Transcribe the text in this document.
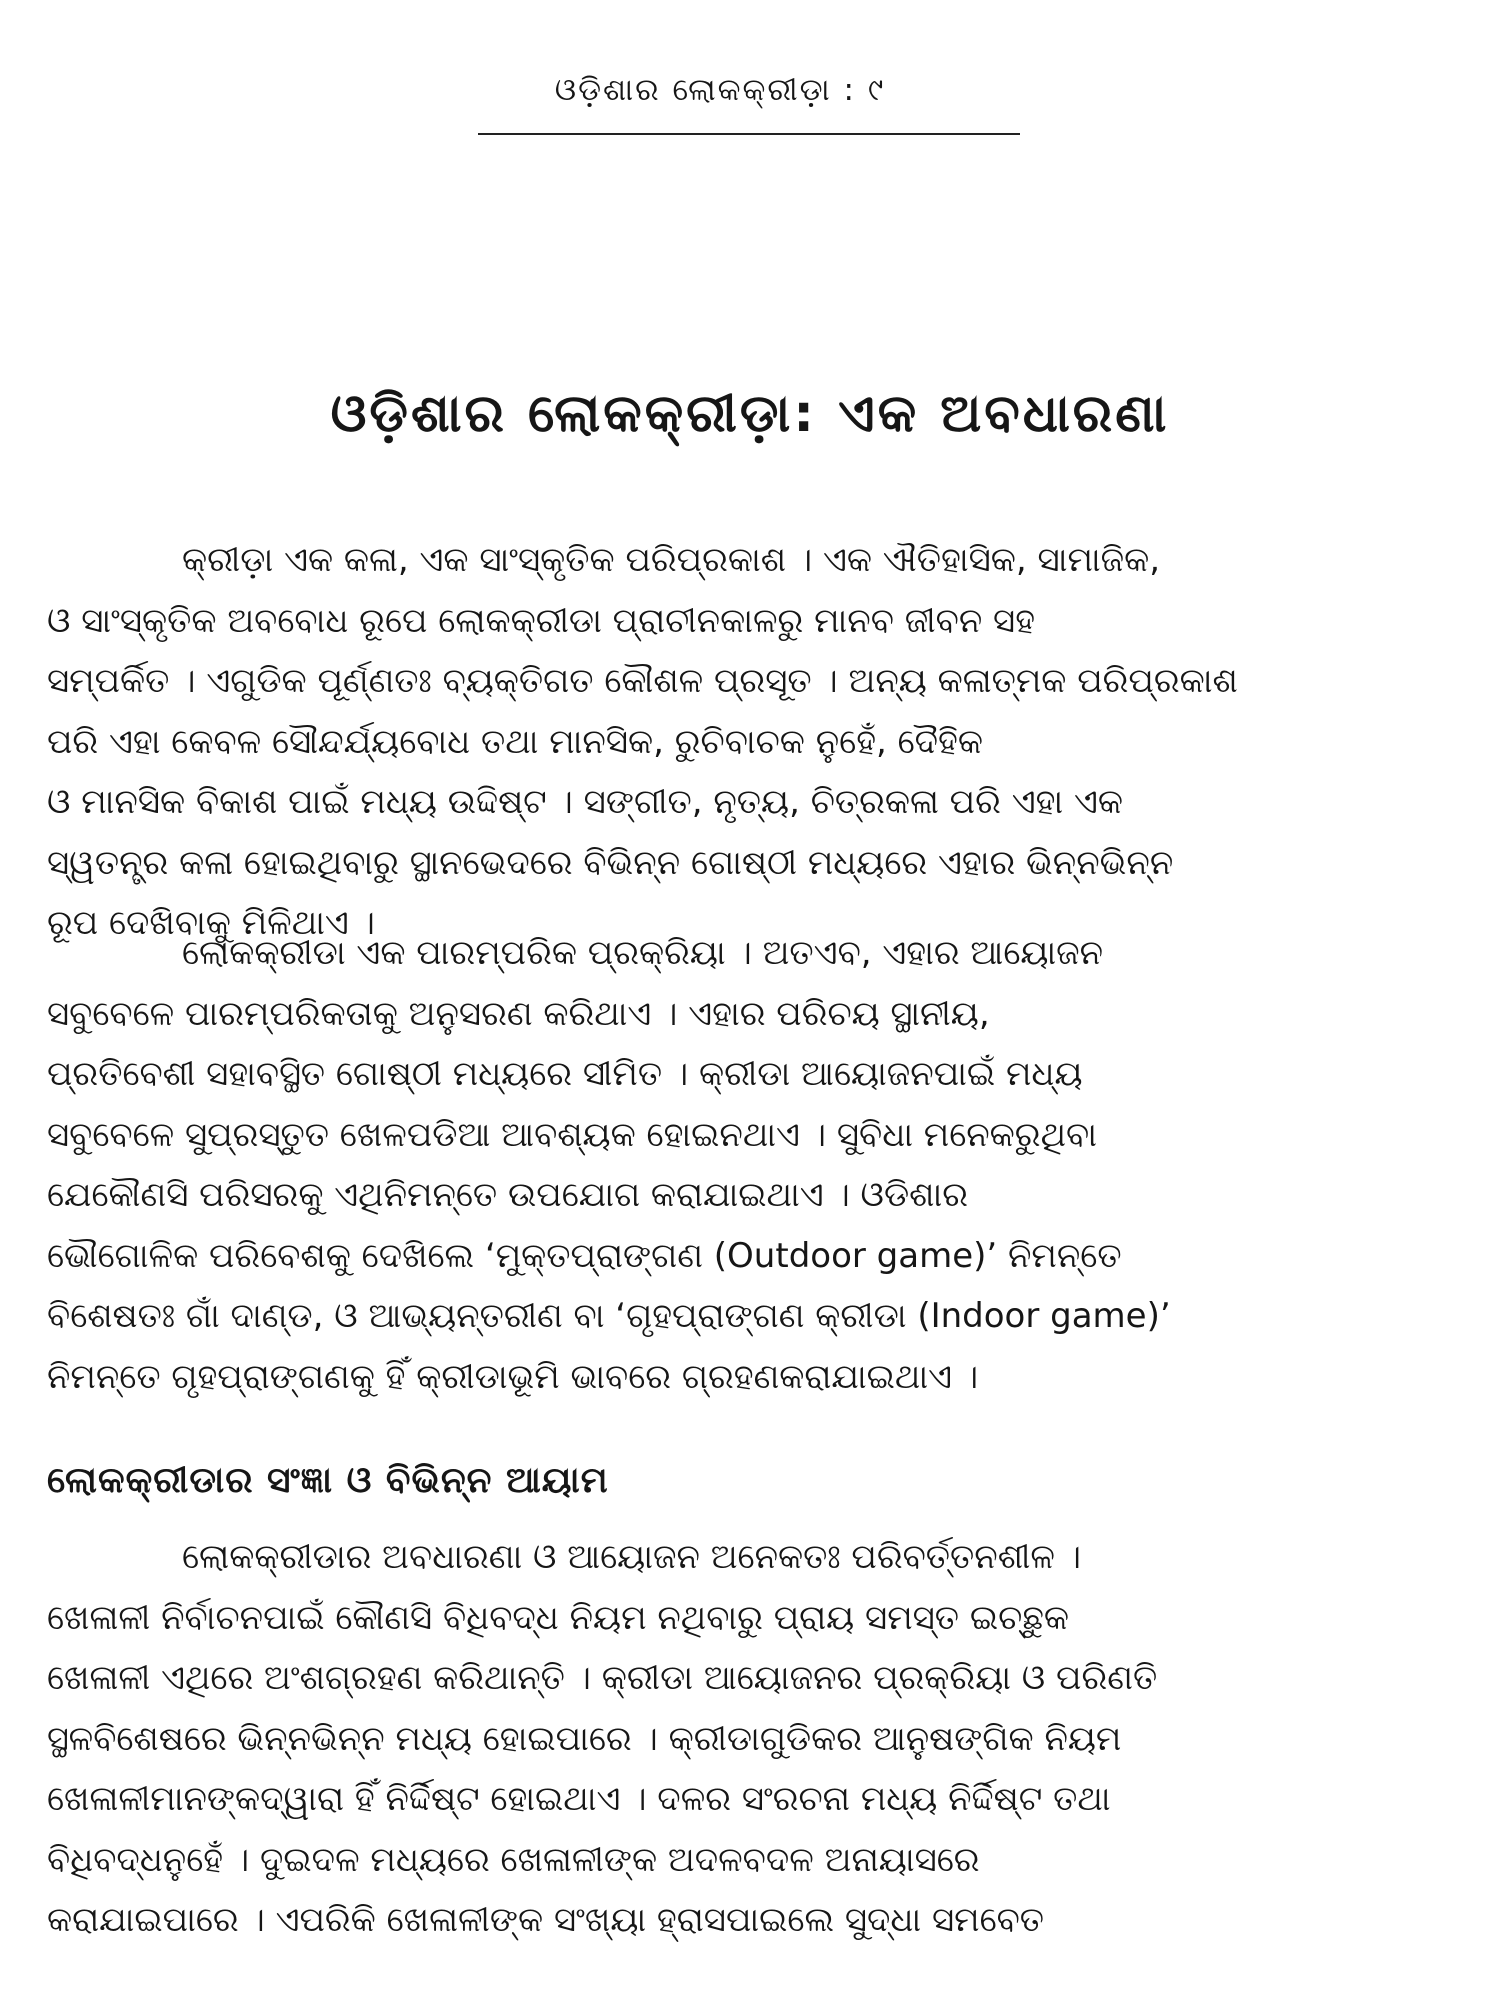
ଓଡ଼ିଶାର ଲୋକକ୍ରୀଡ଼ା : ୯
ଓଡ଼ିଶାର ଲୋକକ୍ରୀଡ଼ା: ଏକ ଅବଧାରଣା
କ୍ରୀଡ଼ା ଏକ କଳା, ଏକ ସାଂସ୍କୃତିକ ପରିପ୍ରକାଶ । ଏକ ଐତିହାସିକ, ସାମାଜିକ,
ଓ ସାଂସ୍କୃତିକ ଅବବୋଧ ରୂପେ ଲୋକକ୍ରୀଡା ପ୍ରାଚୀନକାଳରୁ ମାନବ ଜୀବନ ସହ
ସମ୍ପର୍କିତ । ଏଗୁଡିକ ପୂର୍ଣ୍ଣତଃ ବ୍ୟକ୍ତିଗତ କୌଶଳ ପ୍ରସୂତ । ଅନ୍ୟ କଳାତ୍ମକ ପରିପ୍ରକାଶ
ପରି ଏହା କେବଳ ସୌନ୍ଦର୍ଯ୍ୟବୋଧ ତଥା ମାନସିକ, ରୁଚିବାଚକ ନୁହେଁ, ଦୈହିକ
ଓ ମାନସିକ ବିକାଶ ପାଇଁ ମଧ୍ୟ ଉଦ୍ଦିଷ୍ଟ । ସଙ୍ଗୀତ, ନୃତ୍ୟ, ଚିତ୍ରକଳା ପରି ଏହା ଏକ
ସ୍ୱତନ୍ତ୍ର କଳା ହୋଇଥିବାରୁ ସ୍ଥାନଭେଦରେ ବିଭିନ୍ନ ଗୋଷ୍ଠୀ ମଧ୍ୟରେ ଏହାର ଭିନ୍ନଭିନ୍ନ
ରୂପ ଦେଖିବାକୁ ମିଳିଥାଏ ।
ଲୋକକ୍ରୀଡା ଏକ ପାରମ୍ପରିକ ପ୍ରକ୍ରିୟା । ଅତଏବ, ଏହାର ଆୟୋଜନ
ସବୁବେଳେ ପାରମ୍ପରିକତାକୁ ଅନୁସରଣ କରିଥାଏ । ଏହାର ପରିଚୟ ସ୍ଥାନୀୟ,
ପ୍ରତିବେଶୀ ସହାବସ୍ଥିତ ଗୋଷ୍ଠୀ ମଧ୍ୟରେ ସୀମିତ । କ୍ରୀଡା ଆୟୋଜନପାଇଁ ମଧ୍ୟ
ସବୁବେଳେ ସୁପ୍ରସ୍ତୁତ ଖେଳପଡିଆ ଆବଶ୍ୟକ ହୋଇନଥାଏ । ସୁବିଧା ମନେକରୁଥିବା
ଯେକୌଣସି ପରିସରକୁ ଏଥିନିମନ୍ତେ ଉପଯୋଗ କରାଯାଇଥାଏ । ଓଡିଶାର
ଭୌଗୋଳିକ ପରିବେଶକୁ ଦେଖିଲେ ‘ମୁକ୍ତପ୍ରାଙ୍ଗଣ (Outdoor game)’ ନିମନ୍ତେ
ବିଶେଷତଃ ଗାଁ ଦାଣ୍ଡ, ଓ ଆଭ୍ୟନ୍ତରୀଣ ବା ‘ଗୃହପ୍ରାଙ୍ଗଣ କ୍ରୀଡା (Indoor game)’
ନିମନ୍ତେ ଗୃହପ୍ରାଙ୍ଗଣକୁ ହିଁ କ୍ରୀଡାଭୂମି ଭାବରେ ଗ୍ରହଣକରାଯାଇଥାଏ ।
ଲୋକକ୍ରୀଡାର ସଂଜ୍ଞା ଓ ବିଭିନ୍ନ ଆୟାମ
ଲୋକକ୍ରୀଡାର ଅବଧାରଣା ଓ ଆୟୋଜନ ଅନେକତଃ ପରିବର୍ତ୍ତନଶୀଳ ।
ଖେଳାଳୀ ନିର୍ବାଚନପାଇଁ କୌଣସି ବିଧିବଦ୍ଧ ନିୟମ ନଥିବାରୁ ପ୍ରାୟ ସମସ୍ତ ଇଚ୍ଛୁକ
ଖେଳାଳୀ ଏଥିରେ ଅଂଶଗ୍ରହଣ କରିଥାନ୍ତି । କ୍ରୀଡା ଆୟୋଜନର ପ୍ରକ୍ରିୟା ଓ ପରିଣତି
ସ୍ଥଳବିଶେଷରେ ଭିନ୍ନଭିନ୍ନ ମଧ୍ୟ ହୋଇପାରେ । କ୍ରୀଡାଗୁଡିକର ଆନୁଷଙ୍ଗିକ ନିୟମ
ଖେଳାଳୀମାନଙ୍କଦ୍ୱାରା ହିଁ ନିର୍ଦ୍ଦିଷ୍ଟ ହୋଇଥାଏ । ଦଳର ସଂରଚନା ମଧ୍ୟ ନିର୍ଦ୍ଦିଷ୍ଟ ତଥା
ବିଧିବଦ୍ଧନୁହେଁ । ଦୁଇଦଳ ମଧ୍ୟରେ ଖେଳାଳୀଙ୍କ ଅଦଳବଦଳ ଅନାୟାସରେ
କରାଯାଇପାରେ । ଏପରିକି ଖେଳାଳୀଙ୍କ ସଂଖ୍ୟା ହ୍ରାସପାଇଲେ ସୁଦ୍ଧା ସମବେତ
